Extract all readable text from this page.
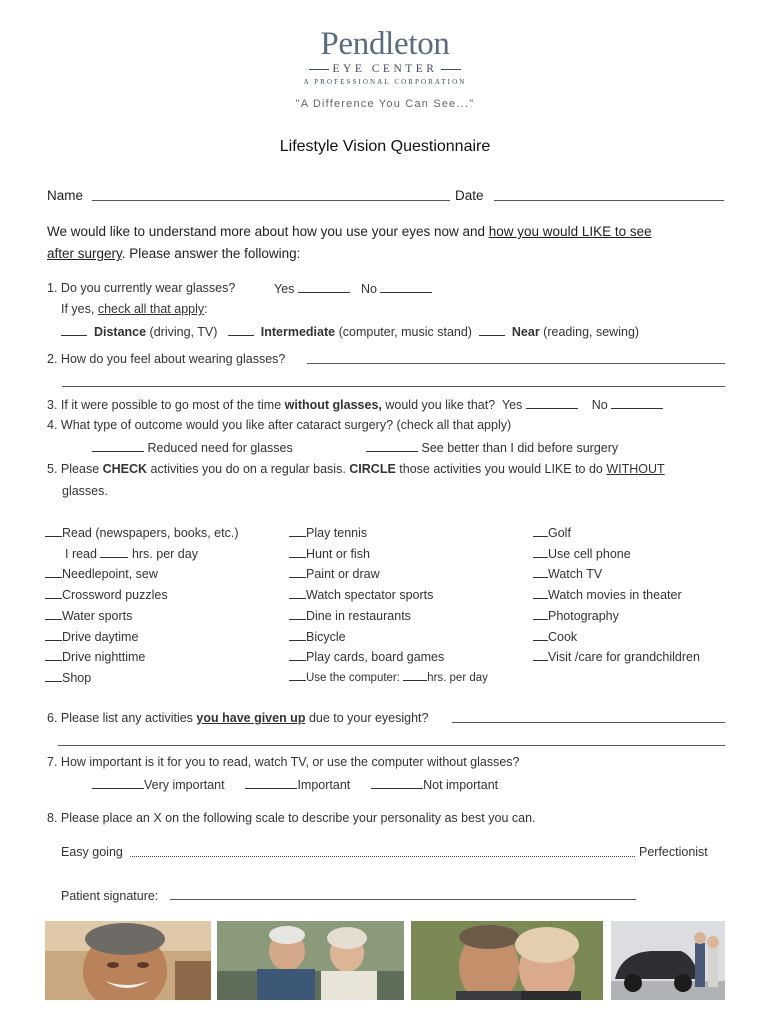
Pendleton
EYE CENTER
A PROFESSIONAL CORPORATION
"A Difference You Can See..."
Lifestyle Vision Questionnaire
Name	Date
We would like to understand more about how you use your eyes now and how you would LIKE to see
after surgery. Please answer the following:
1. Do you currently wear glasses?	Yes	No
If yes, check all that apply:
Distance (driving, TV)	Intermediate (computer, music stand)	Near (reading, sewing)
2. How do you feel about wearing glasses?
3. If it were possible to go most of the time without glasses, would you like that? Yes	No
4. What type of outcome would you like after cataract surgery? (check all that apply)
Reduced need for glasses	See better than I did before surgery
5. Please CHECK activities you do on a regular basis. CIRCLE those activities you would LIKE to do WITHOUT
glasses.
Read (newspapers, books, etc.)
I read	hrs. per day
Needlepoint, sew
Crossword puzzles
Water sports
Drive daytime
Drive nighttime
Shop
Play tennis
Hunt or fish
Paint or draw
Watch spectator sports
Dine in restaurants
Bicycle
Play cards, board games
Use the computer: hrs. per day
Golf
Use cell phone
Watch TV
Watch movies in theater
Photography
Cook
Visit /care for grandchildren
6. Please list any activities you have given up due to your eyesight?
7. How important is it for you to read, watch TV, or use the computer without glasses?
Very important	Important	Not important
8. Please place an X on the following scale to describe your personality as best you can.
Easy going	Perfectionist
Patient signature:
